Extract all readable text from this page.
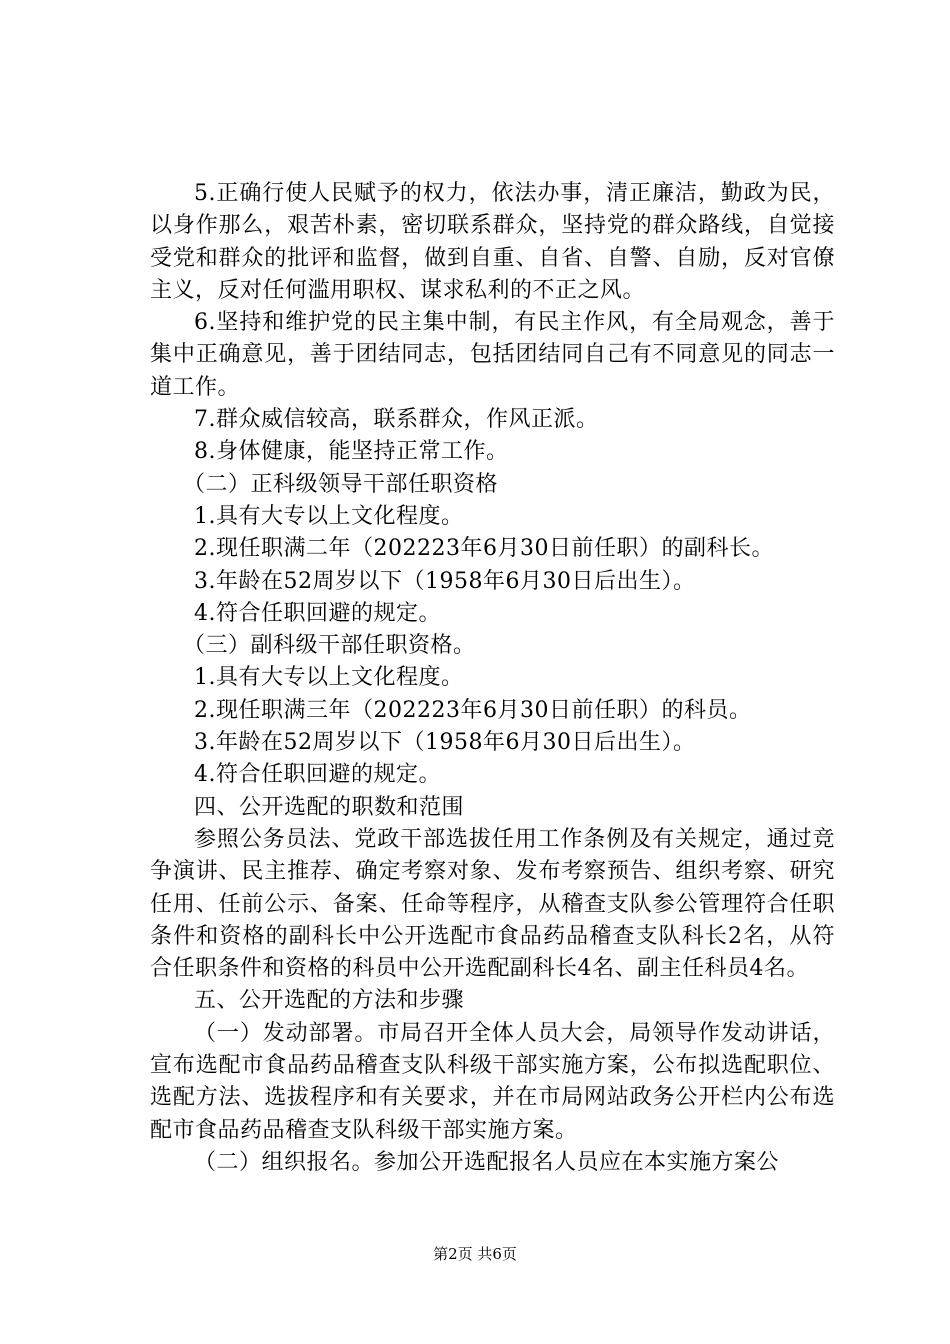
5.正确行使人民赋予的权力，依法办事，清正廉洁，勤政为民，以身作那么，艰苦朴素，密切联系群众，坚持党的群众路线，自觉接受党和群众的批评和监督，做到自重、自省、自警、自励，反对官僚主义，反对任何滥用职权、谋求私利的不正之风。

6.坚持和维护党的民主集中制，有民主作风，有全局观念，善于集中正确意见，善于团结同志，包括团结同自己有不同意见的同志一道工作。

7.群众威信较高，联系群众，作风正派。

8.身体健康，能坚持正常工作。

（二）正科级领导干部任职资格

1.具有大专以上文化程度。

2.现任职满二年（202223年6月30日前任职）的副科长。

3.年龄在52周岁以下（1958年6月30日后出生）。

4.符合任职回避的规定。

（三）副科级干部任职资格。

1.具有大专以上文化程度。

2.现任职满三年（202223年6月30日前任职）的科员。

3.年龄在52周岁以下（1958年6月30日后出生）。

4.符合任职回避的规定。

四、公开选配的职数和范围

参照公务员法、党政干部选拔任用工作条例及有关规定，通过竞争演讲、民主推荐、确定考察对象、发布考察预告、组织考察、研究任用、任前公示、备案、任命等程序，从稽查支队参公管理符合任职条件和资格的副科长中公开选配市食品药品稽查支队科长2名，从符合任职条件和资格的科员中公开选配副科长4名、副主任科员4名。

五、公开选配的方法和步骤

（一）发动部署。市局召开全体人员大会，局领导作发动讲话，宣布选配市食品药品稽查支队科级干部实施方案，公布拟选配职位、选配方法、选拔程序和有关要求，并在市局网站政务公开栏内公布选配市食品药品稽查支队科级干部实施方案。

（二）组织报名。参加公开选配报名人员应在本实施方案公

第2页 共6页
